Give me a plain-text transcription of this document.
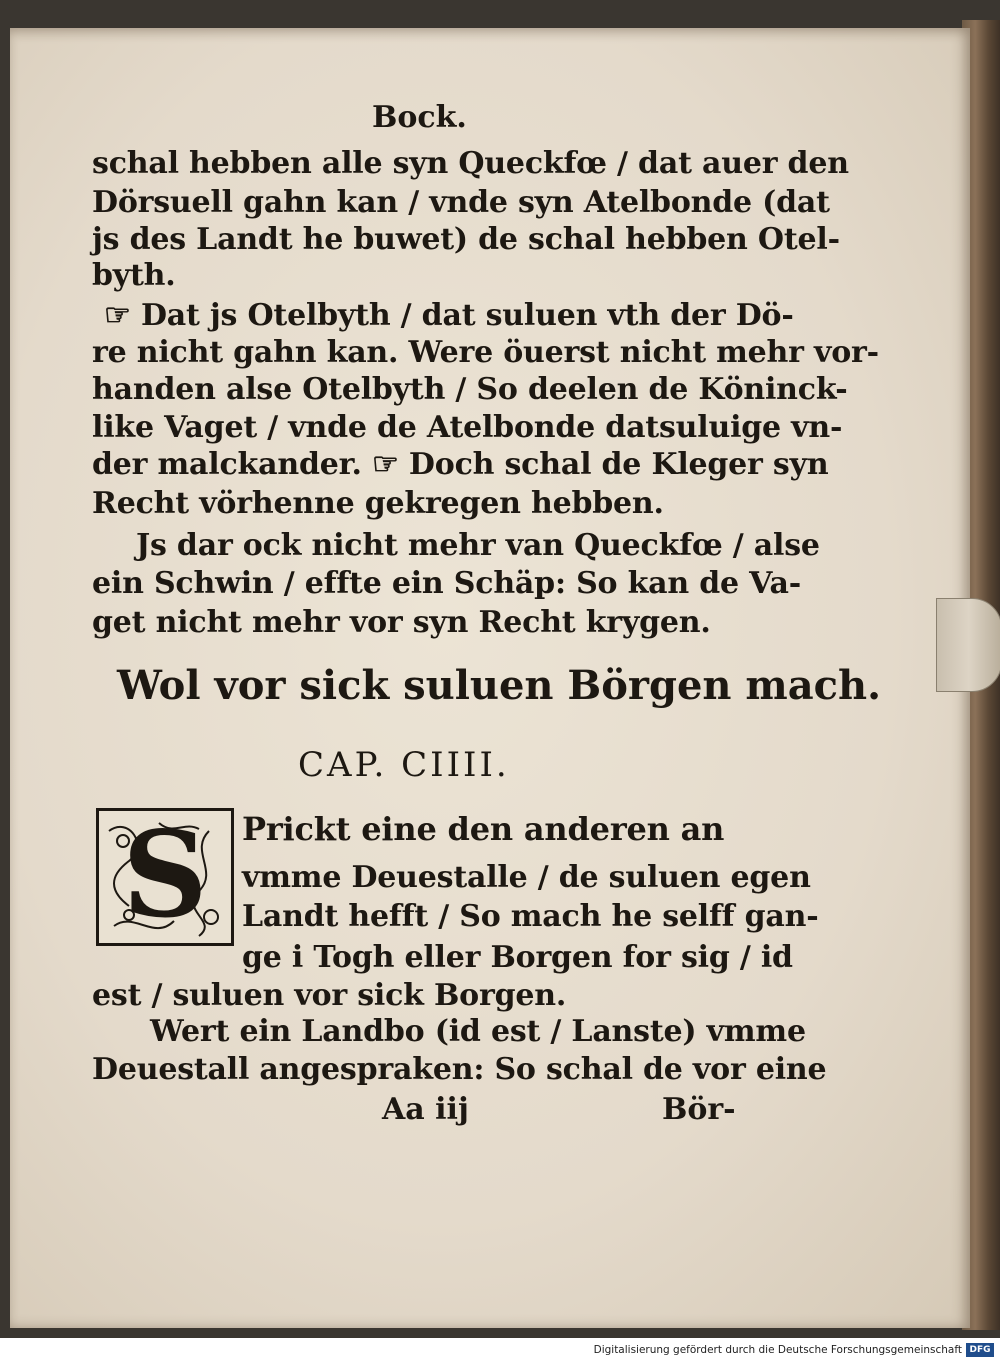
Bock.
schal hebben alle syn Queckfœ / dat auer den
Dörsuell gahn kan / vnde syn Atelbonde (dat
js des Landt he buwet) de schal hebben Otel-
byth.
☞ Dat js Otelbyth / dat suluen vth der Dö-
re nicht gahn kan. Were öuerst nicht mehr vor-
handen alse Otelbyth / So deelen de Köninck-
like Vaget / vnde de Atelbonde datsuluige vn-
der malckander. ☞ Doch schal de Kleger syn
Recht vörhenne gekregen hebben.
Js dar ock nicht mehr van Queckfœ / alse
ein Schwin / effte ein Schäp: So kan de Va-
get nicht mehr vor syn Recht krygen.
Wol vor sick suluen Börgen mach.
CAP. CIIII.
S	Prickt eine den anderen an
vmme Deuestalle / de suluen egen
Landt hefft / So mach he selff gan-
ge i Togh eller Borgen for sig / id
est / suluen vor sick Borgen.
Wert ein Landbo (id est / Lanste) vmme
Deuestall angespraken: So schal de vor eine
Aa iij	Bör-
Digitalisierung gefördert durch die Deutsche Forschungsgemeinschaft DFG
